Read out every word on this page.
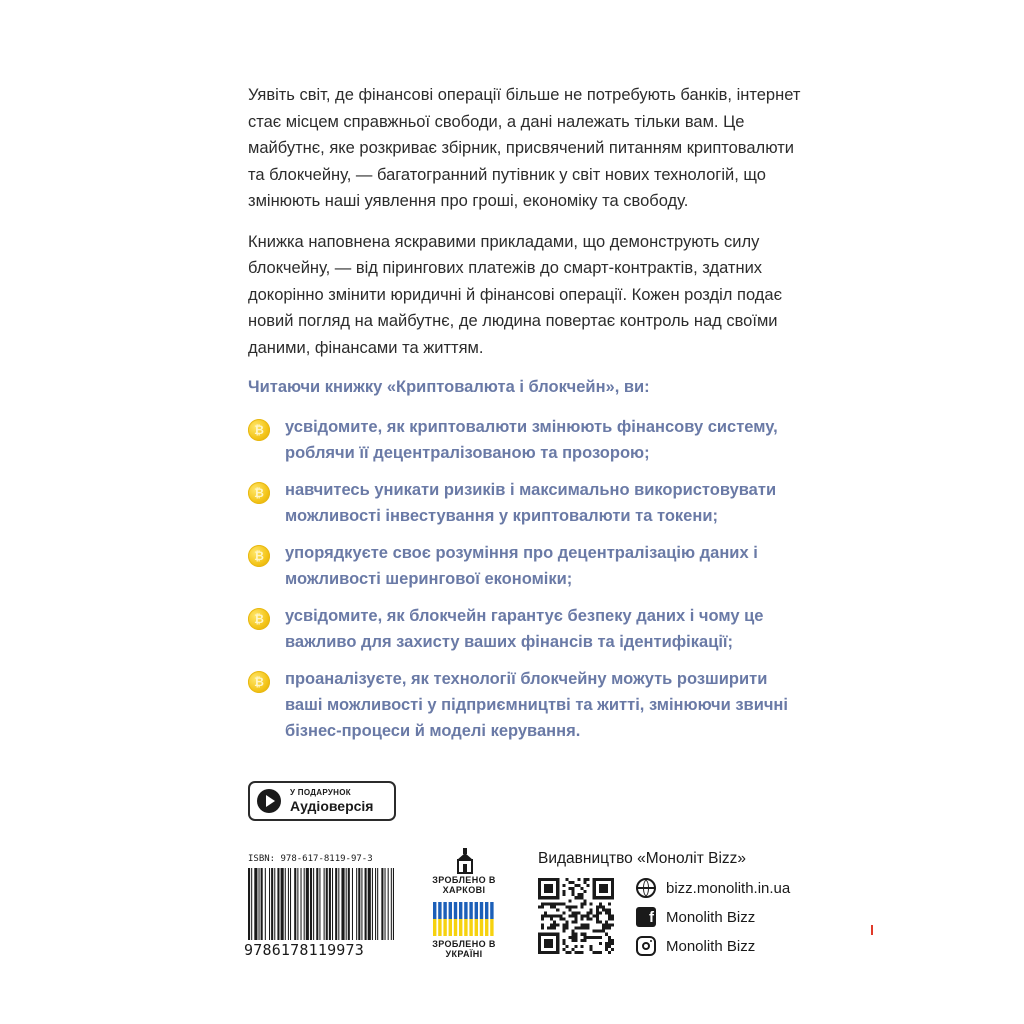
Уявіть світ, де фінансові операції більше не потребують банків, інтернет стає місцем справжньої свободи, а дані належать тільки вам. Це майбутнє, яке розкриває збірник, присвячений питанням криптовалюти та блокчейну, — багатогранний путівник у світ нових технологій, що змінюють наші уявлення про гроші, економіку та свободу.

Книжка наповнена яскравими прикладами, що демонструють силу блокчейну, — від пірингових платежів до смарт-контрактів, здатних докорінно змінити юридичні й фінансові операції. Кожен розділ подає новий погляд на майбутнє, де людина повертає контроль над своїми даними, фінансами та життям.

Читаючи книжку «Криптовалюта і блокчейн», ви:
₿	усвідомите, як криптовалюти змінюють фінансову систему, роблячи її децентралізованою та прозорою;
₿	навчитесь уникати ризиків і максимально використовувати можливості інвестування у криптовалюти та токени;
₿	упорядкуєте своє розуміння про децентралізацію даних і можливості шерингової економіки;
₿	усвідомите, як блокчейн гарантує безпеку даних і чому це важливо для захисту ваших фінансів та ідентифікації;
₿	проаналізуєте, як технології блокчейну можуть розширити ваші можливості у підприємництві та житті, змінюючи звичні бізнес-процеси й моделі керування.
У ПОДАРУНОК
Аудіоверсія
ISBN: 978-617-8119-97-3
9786178119973
ЗРОБЛЕНО В ХАРКОВІ
ЗРОБЛЕНО В УКРАЇНІ
Видавництво «Моноліт Bizz»
bizz.monolith.in.ua
f Monolith Bizz
Monolith Bizz
